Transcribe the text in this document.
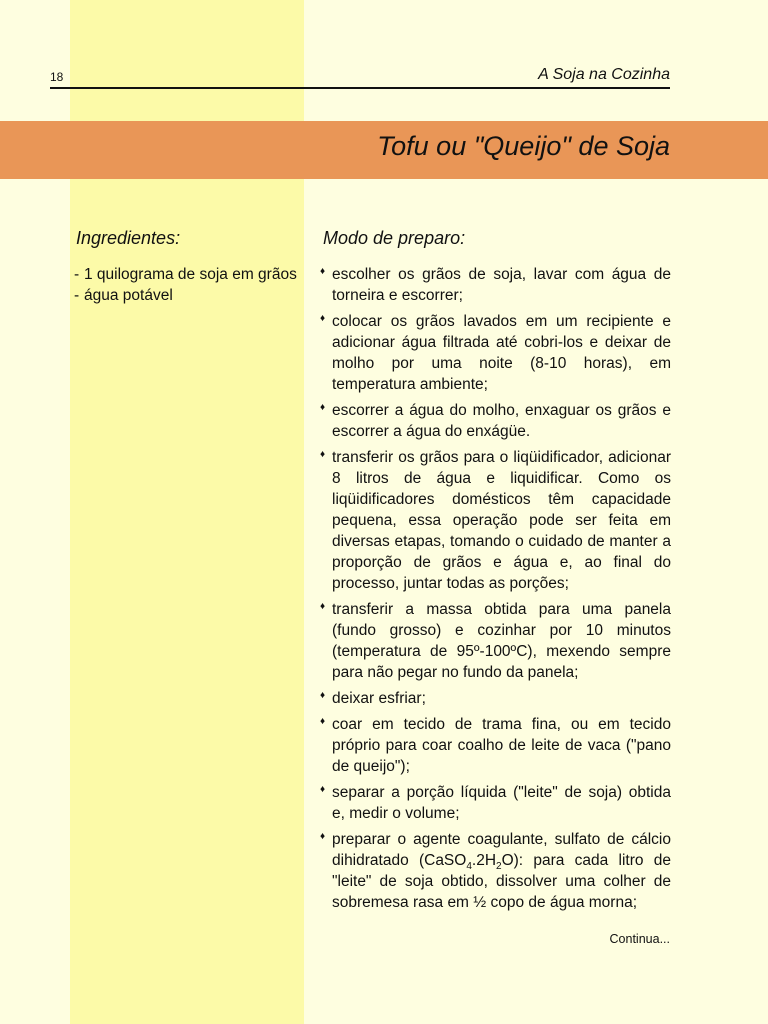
18	A Soja na Cozinha
Tofu ou "Queijo" de Soja
Ingredientes:	Modo de preparo:
- 1 quilograma de soja em grãos
- água potável
♦ escolher os grãos de soja, lavar com água de torneira e escorrer;
♦ colocar os grãos lavados em um recipiente e adicionar água filtrada até cobri-los e deixar de molho por uma noite (8-10 horas), em temperatura ambiente;
♦ escorrer a água do molho, enxaguar os grãos e escorrer a água do enxágüe.
♦ transferir os grãos para o liqüidificador, adicionar 8 litros de água e liquidificar. Como os liqüidificadores domésticos têm capacidade pequena, essa operação pode ser feita em diversas etapas, tomando o cuidado de manter a proporção de grãos e água e, ao final do processo, juntar todas as porções;
♦ transferir a massa obtida para uma panela (fundo grosso) e cozinhar por 10 minutos (temperatura de 95º-100ºC), mexendo sempre para não pegar no fundo da panela;
♦ deixar esfriar;
♦ coar em tecido de trama fina, ou em tecido próprio para coar coalho de leite de vaca ("pano de queijo");
♦ separar a porção líquida ("leite" de soja) obtida e, medir o volume;
♦ preparar o agente coagulante, sulfato de cálcio dihidratado $(CaSO_4.2H_2O)$: para cada litro de "leite" de soja obtido, dissolver uma colher de sobremesa rasa em ½ copo de água morna;
Continua...
